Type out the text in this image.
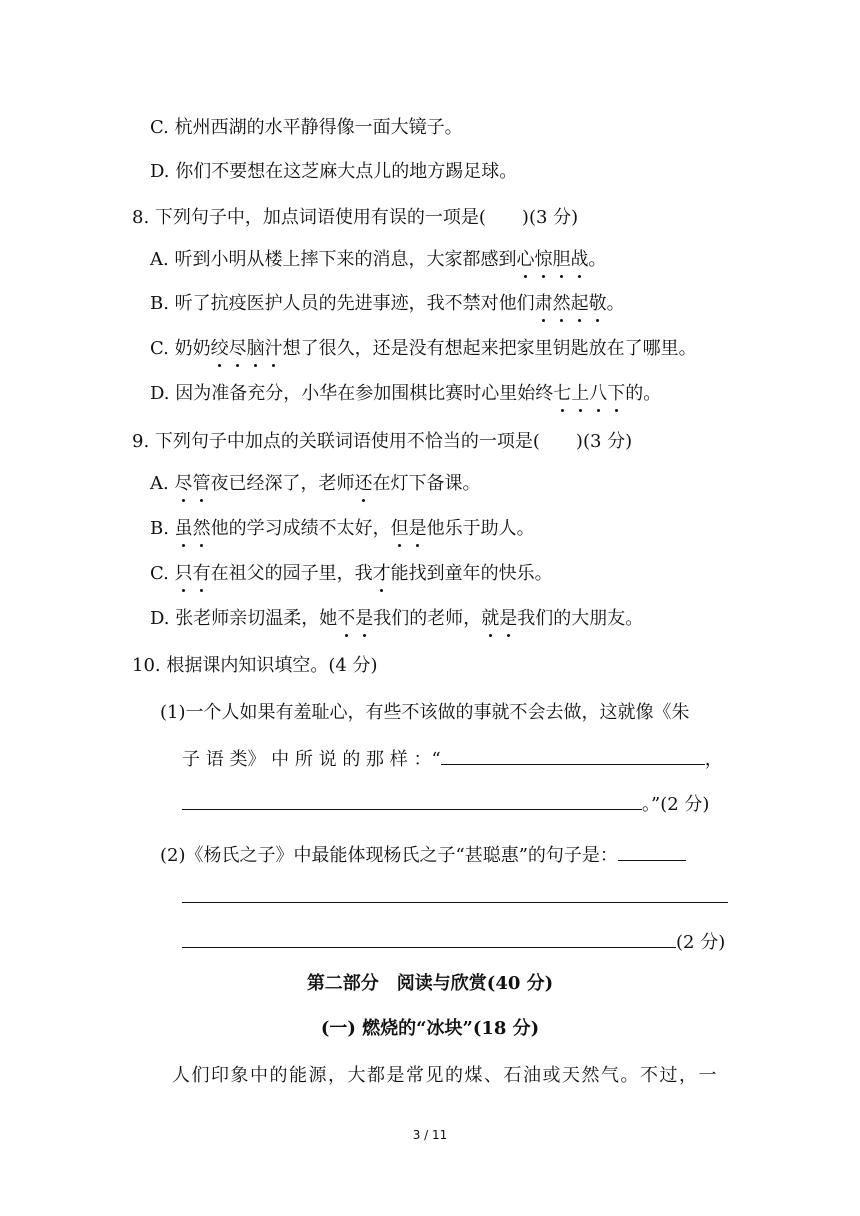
C. 杭州西湖的水平静得像一面大镜子。
D. 你们不要想在这芝麻大点儿的地方踢足球。
8. 下列句子中，加点词语使用有误的一项是(　　)(3 分)
A. 听到小明从楼上摔下来的消息，大家都感到心惊胆战。
B. 听了抗疫医护人员的先进事迹，我不禁对他们肃然起敬。
C. 奶奶绞尽脑汁想了很久，还是没有想起来把家里钥匙放在了哪里。
D. 因为准备充分，小华在参加围棋比赛时心里始终七上八下的。
9. 下列句子中加点的关联词语使用不恰当的一项是(　　)(3 分)
A. 尽管夜已经深了，老师还在灯下备课。
B. 虽然他的学习成绩不太好，但是他乐于助人。
C. 只有在祖父的园子里，我才能找到童年的快乐。
D. 张老师亲切温柔，她不是我们的老师，就是我们的大朋友。
10. 根据课内知识填空。(4 分)
(1)一个人如果有羞耻心，有些不该做的事就不会去做，这就像《朱
子 语 类》 中 所 说 的 那 样 ：“	，
。”(2 分)
(2)《杨氏之子》中最能体现杨氏之子“甚聪惠”的句子是：
(2 分)
第二部分　阅读与欣赏(40 分)
(一) 燃烧的“冰块”(18 分)
人们印象中的能源，大都是常见的煤、石油或天然气。不过，一
3 / 11
